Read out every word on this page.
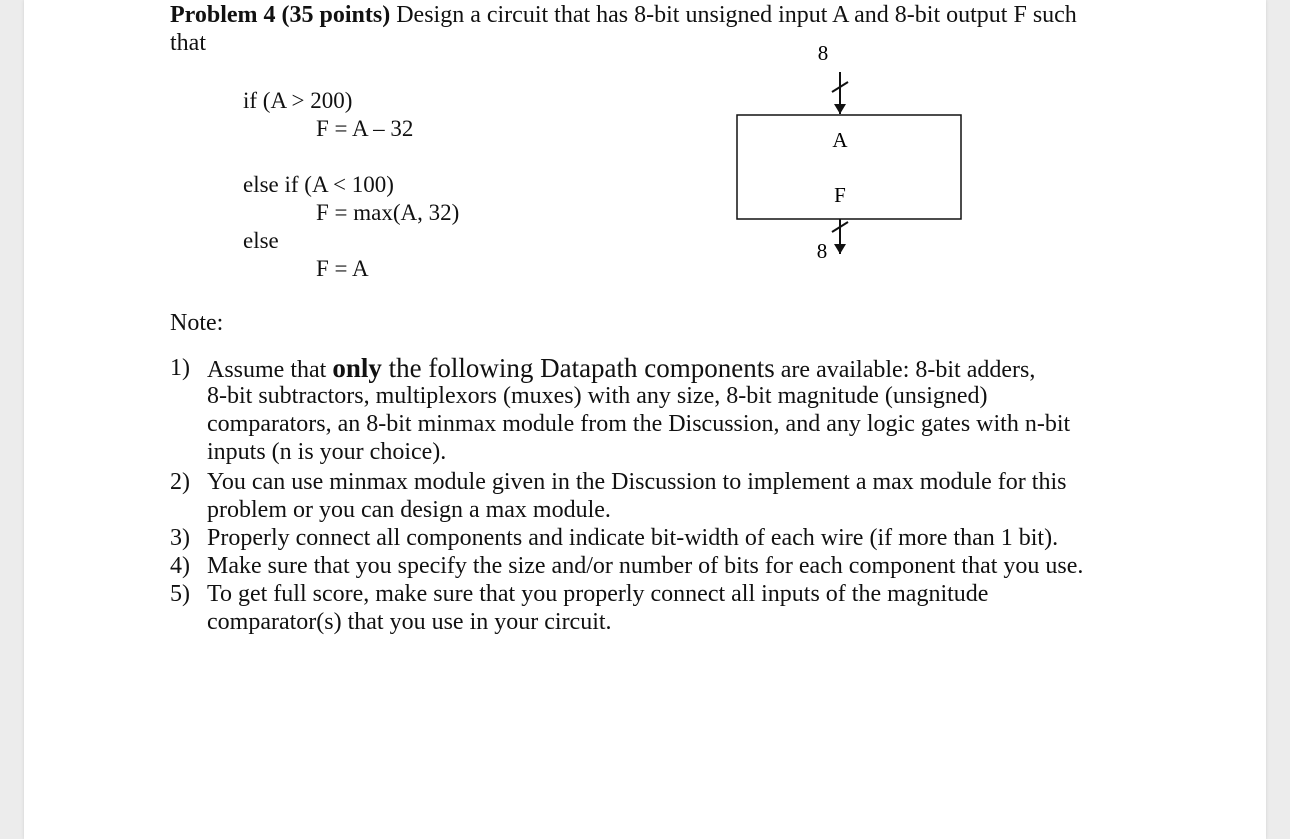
Problem 4 (35 points) Design a circuit that has 8-bit unsigned input A and 8-bit output F such
that
if (A > 200)
F = A – 32
else if (A < 100)
F = max(A, 32)
else
F = A
8
A
F
8
Note:
1) Assume that only the following Datapath components are available: 8-bit adders,
8-bit subtractors, multiplexors (muxes) with any size, 8-bit magnitude (unsigned)
comparators, an 8-bit minmax module from the Discussion, and any logic gates with n-bit
inputs (n is your choice).
2) You can use minmax module given in the Discussion to implement a max module for this
problem or you can design a max module.
3) Properly connect all components and indicate bit-width of each wire (if more than 1 bit).
4) Make sure that you specify the size and/or number of bits for each component that you use.
5) To get full score, make sure that you properly connect all inputs of the magnitude
comparator(s) that you use in your circuit.
